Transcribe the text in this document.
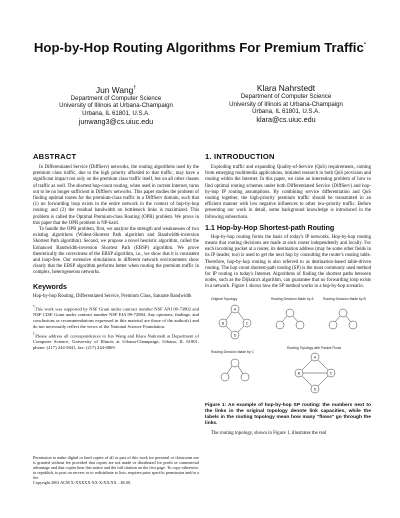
Hop-by-Hop Routing Algorithms For Premium Traffic*
Jun Wang†
Department of Computer Science
University of Illinois at Urbana-Champaign
Urbana, IL 61801, U.S.A.
junwang3@cs.uiuc.edu
Klara Nahrstedt
Department of Computer Science
University of Illinois at Urbana-Champaign
Urbana, IL 61801, U.S.A.
klara@cs.uiuc.edu
ABSTRACT

In Differentiated Service (DiffServ) networks, the routing algorithms used by the premium class traffic, due to the high priority afforded to that traffic, may have a significant impact not only on the premium class traffic itself, but on all other classes of traffic as well. The shortest hop-count routing, when used in current Internet, turns out to be no longer sufficient in DiffServ networks. This paper studies the problem of finding optimal routes for the premium-class traffic in a DiffServ domain, such that (1) no forwarding loop exists in the entire network in the context of hop-by-hop routing; and (2) the residual bandwidth on bottleneck links is maximized. This problem is called the Optimal Premium-class Routing (OPR) problem. We prove in this paper that the OPR problem is NP-hard.

To handle the OPR problem, first, we analyze the strength and weaknesses of two existing algorithms (Widest-Shortest Path algorithm and Bandwidth-inversion Shortest Path algorithm). Second, we propose a novel heuristic algorithm, called the Enhanced Bandwidth-inversion Shortest Path (EBSP) algorithm. We prove theoretically the correctness of the EBSP algorithm, i.e., we show that it is consistent and loop-free. Our extensive simulations in different network environments show clearly that the EBSP algorithm performs better when routing the premium traffic in complex, heterogeneous networks.

Keywords

Hop-by-hop Routing, Differentiated Service, Premium Class, Saturate Bandwidth

*This work was supported by NSF Grant under contract number NSF ANI 00-73802 and NSF CISE Grant under contract number NSF EIA 99-72884. Any opinions, findings, and conclusions or recommendations expressed in this material are those of the author(s) and do not necessarily reflect the views of the National Science Foundation.

†Please address all correspondences to Jun Wang and Klara Nahrstedt at Department of Computer Science, University of Illinois at Urbana-Champaign, Urbana, IL 61801, phone: (217) 244-5841, fax: (217) 244-6869.

Permission to make digital or hard copies of all or part of this work for personal or classroom use is granted without fee provided that copies are not made or distributed for profit or commercial advantage and that copies bear this notice and the full citation on the first page. To copy otherwise, to republish, to post on servers or to redistribute to lists, requires prior specific permission and/or a fee.

Copyright 2001 ACM X-XXXXX-XX-X/XX/XX ...$5.00.

1. INTRODUCTION

Exploding traffic and expanding Quality-of-Service (QoS) requirements, coming from emerging multimedia applications, initiated research in both QoS provision and routing within the Internet. In this paper, we raise an interesting problem of how to find optimal routing schemes under both Differentiated Service (DiffServ) and hop-by-hop IP routing assumptions. By combining service differentiation and QoS routing together, the high-priority premium traffic should be transmitted in an efficient manner with low negative influences to other low-priority traffic. Before presenting our work in detail, some background knowledge is introduced in the following subsections.

1.1 Hop-by-Hop Shortest-path Routing

Hop-by-hop routing forms the basis of today's IP networks. Hop-by-hop routing means that routing decisions are made at each router independently and locally. For each incoming packet at a router, its destination address (may be some other fields in its IP header, too) is used to get the next hop by consulting the router's routing table. Therefore, hop-by-hop routing is also referred to as destination-based table-driven routing. The hop count shortest-path routing (SP) is the most commonly used method for IP routing in today's Internet. Algorithms of finding the shortest paths between nodes, such as the Dijkstra's algorithm, can guarantee that no forwarding loop exists in a network. Figure 1 shows how the SP method works in a hop-by-hop scenario.

A
B	C
D
A
B	C
D
Original Topology	Routing Decision Made by A	Routing Decision Made by B
Routing Decision Made by C
Routing Topology with Packet Flows
Figure 1: An example of hop-by-hop SP routing: the numbers next to the links in the original topology denote link capacities, while the labels in the routing topology mean how many "flows" go through the links.

The routing topology, shown in Figure 1, illustrates the real
